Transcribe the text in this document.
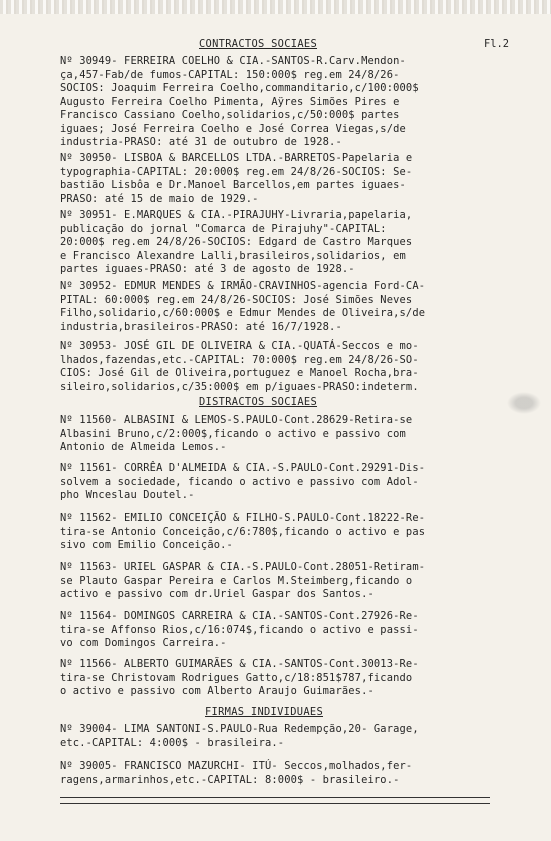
CONTRACTOS SOCIAES	Fl.2
Nº 30949- FERREIRA COELHO & CIA.-SANTOS-R.Carv.Mendon-
ça,457-Fab/de fumos-CAPITAL: 150:000$ reg.em 24/8/26-
SOCIOS: Joaquim Ferreira Coelho,commanditario,c/100:000$
Augusto Ferreira Coelho Pimenta, Aÿres Simões Pires e
Francisco Cassiano Coelho,solidarios,c/50:000$ partes
iguaes; José Ferreira Coelho e José Correa Viegas,s/de
industria-PRASO: até 31 de outubro de 1928.-
Nº 30950- LISBOA & BARCELLOS LTDA.-BARRETOS-Papelaria e
typographia-CAPITAL: 20:000$ reg.em 24/8/26-SOCIOS: Se-
bastião Lisbôa e Dr.Manoel Barcellos,em partes iguaes-
PRASO: até 15 de maio de 1929.-
Nº 30951- E.MARQUES & CIA.-PIRAJUHY-Livraria,papelaria,
publicação do jornal "Comarca de Pirajuhy"-CAPITAL:
20:000$ reg.em 24/8/26-SOCIOS: Edgard de Castro Marques
e Francisco Alexandre Lalli,brasileiros,solidarios, em
partes iguaes-PRASO: até 3 de agosto de 1928.-
Nº 30952- EDMUR MENDES & IRMÃO-CRAVINHOS-agencia Ford-CA-
PITAL: 60:000$ reg.em 24/8/26-SOCIOS: José Simões Neves
Filho,solidario,c/60:000$ e Edmur Mendes de Oliveira,s/de
industria,brasileiros-PRASO: até 16/7/1928.-
Nº 30953- JOSÉ GIL DE OLIVEIRA & CIA.-QUATÁ-Seccos e mo-
lhados,fazendas,etc.-CAPITAL: 70:000$ reg.em 24/8/26-SO-
CIOS: José Gil de Oliveira,portuguez e Manoel Rocha,bra-
sileiro,solidarios,c/35:000$ em p/iguaes-PRASO:indeterm.
DISTRACTOS SOCIAES
Nº 11560- ALBASINI & LEMOS-S.PAULO-Cont.28629-Retira-se
Albasini Bruno,c/2:000$,ficando o activo e passivo com
Antonio de Almeida Lemos.-
Nº 11561- CORRÊA D'ALMEIDA & CIA.-S.PAULO-Cont.29291-Dis-
solvem a sociedade, ficando o activo e passivo com Adol-
pho Wnceslau Doutel.-
Nº 11562- EMILIO CONCEIÇÃO & FILHO-S.PAULO-Cont.18222-Re-
tira-se Antonio Conceição,c/6:780$,ficando o activo e pas
sivo com Emilio Conceição.-
Nº 11563- URIEL GASPAR & CIA.-S.PAULO-Cont.28051-Retiram-
se Plauto Gaspar Pereira e Carlos M.Steimberg,ficando o
activo e passivo com dr.Uriel Gaspar dos Santos.-
Nº 11564- DOMINGOS CARREIRA & CIA.-SANTOS-Cont.27926-Re-
tira-se Affonso Rios,c/16:074$,ficando o activo e passi-
vo com Domingos Carreira.-
Nº 11566- ALBERTO GUIMARÃES & CIA.-SANTOS-Cont.30013-Re-
tira-se Christovam Rodrigues Gatto,c/18:851$787,ficando
o activo e passivo com Alberto Araujo Guimarães.-
FIRMAS INDIVIDUAES
Nº 39004- LIMA SANTONI-S.PAULO-Rua Redempção,20- Garage,
etc.-CAPITAL: 4:000$ - brasileira.-
Nº 39005- FRANCISCO MAZURCHI- ITÚ- Seccos,molhados,fer-
ragens,armarinhos,etc.-CAPITAL: 8:000$ - brasileiro.-
